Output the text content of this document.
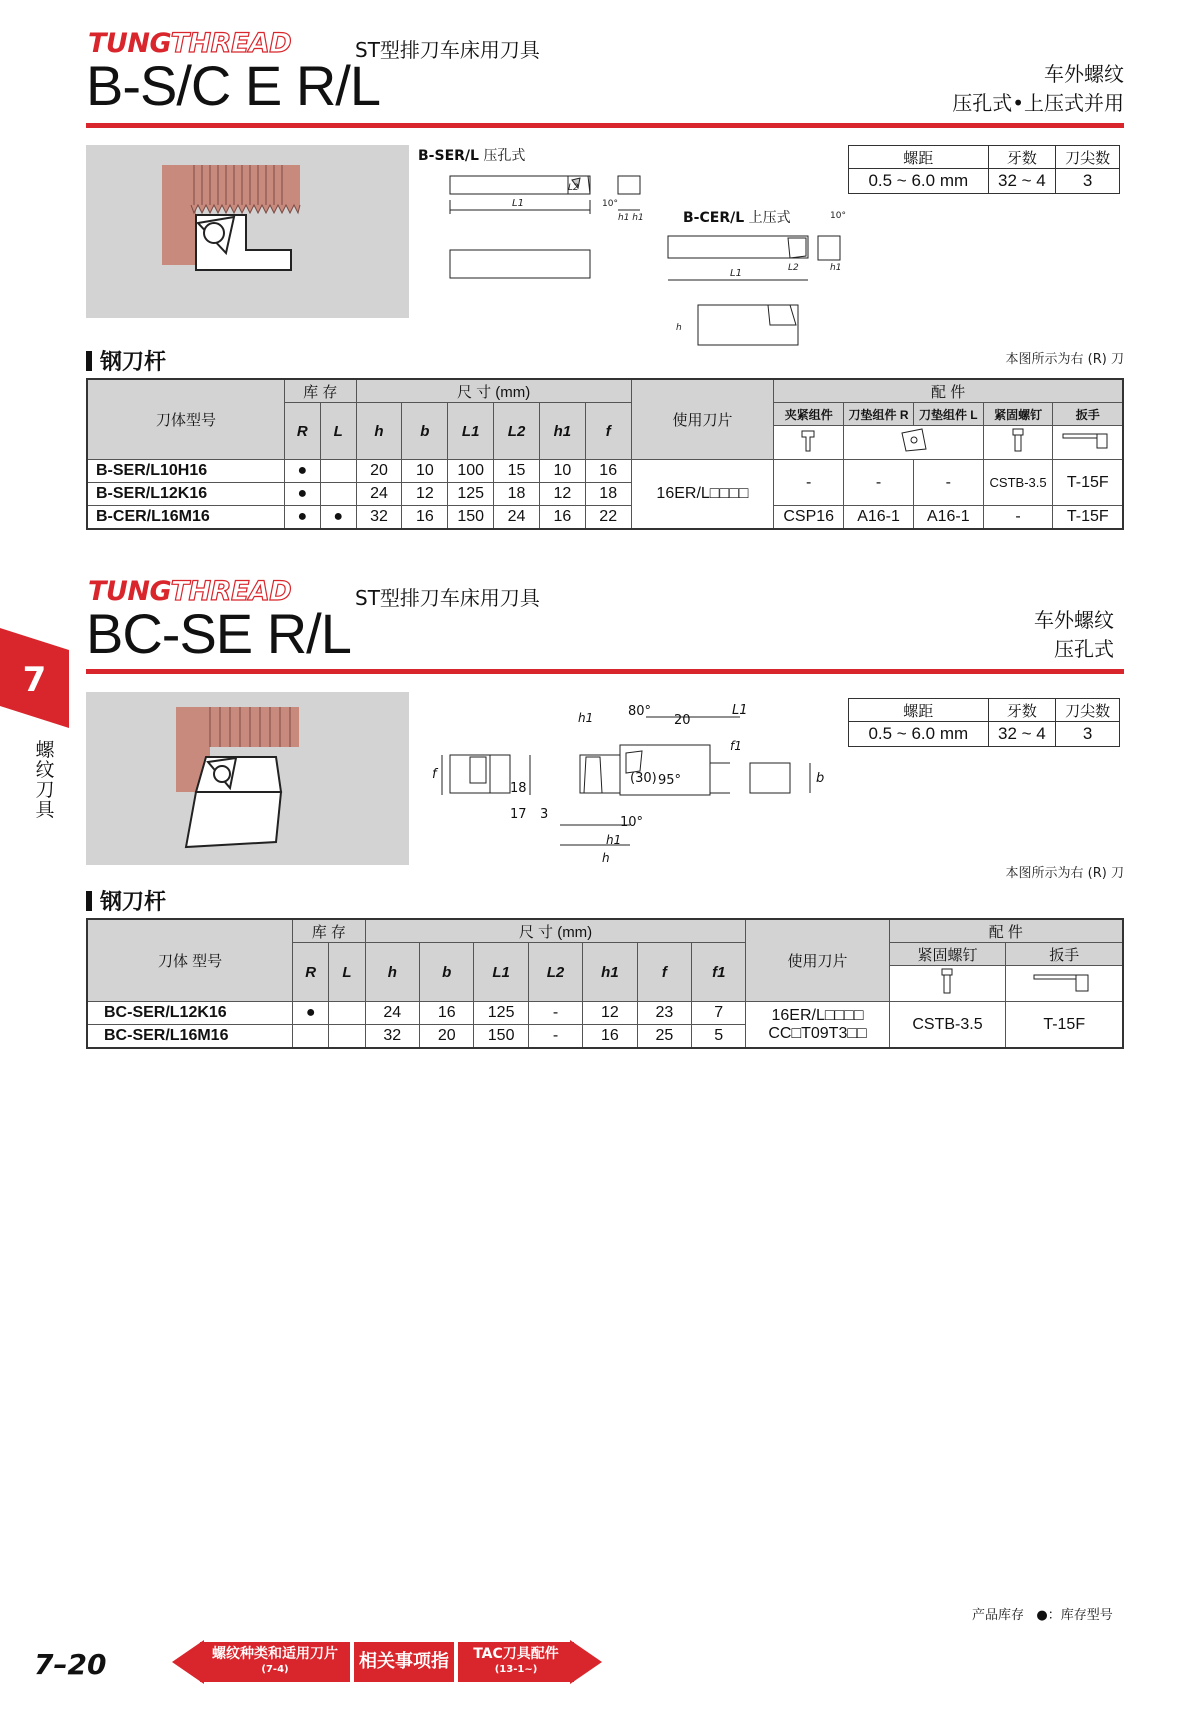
TUNGTHREAD	ST型排刀车床用刀具
B-S/C E R/L	车外螺纹
压孔式•上压式并用
B-SER/L 压孔式
B-CER/L 上压式
L1
L2
10°
h1 h1
L1	L2
10°
h1
h
螺距	牙数	刀尖数
0.5 ~ 6.0 mm	32 ~ 4	3
本图所示为右 (R) 刀
钢刀杆
刀体型号	库 存		尺 寸 (mm)						使用刀片	配 件				
	R	L	h	b	L1	L2	h1	f		夹紧组件	刀垫组件 R	刀垫组件 L	紧固螺钉	扳手

B-SER/L10H16	●		20	10	100	15	10	16	16ER/L□□□□	-	-	-	CSTB-3.5	T-15F
B-SER/L12K16	●		24	12	125	18	12	18						
B-CER/L16M16	●	●	32	16	150	24	16	22		CSP16	A16-1	A16-1	-	T-15F
TUNGTHREAD	ST型排刀车床用刀具
BC-SE R/L	车外螺纹
压孔式
h1	80°
20
L1
f1
95°
(30)
18
17 3
10°
f	b
h1
h
螺距	牙数	刀尖数
0.5 ~ 6.0 mm	32 ~ 4	3
本图所示为右 (R) 刀
钢刀杆
刀体 型号	库 存		尺 寸 (mm)							使用刀片	配 件	
	R	L	h	b	L1	L2	h1	f	f1		紧固螺钉	扳手

BC-SER/L12K16	●		24	16	125	-	12	23	7	16ER/L□□□□
CC□T09T3□□	CSTB-3.5	T-15F
BC-SER/L16M16			32	20	150	-	16	25	5			
7
螺纹刀具
产品库存 ●：库存型号
7–20	螺纹种类和适用刀片
(7-4)	相关事项指南
TAC刀具配件
(13-1~)
